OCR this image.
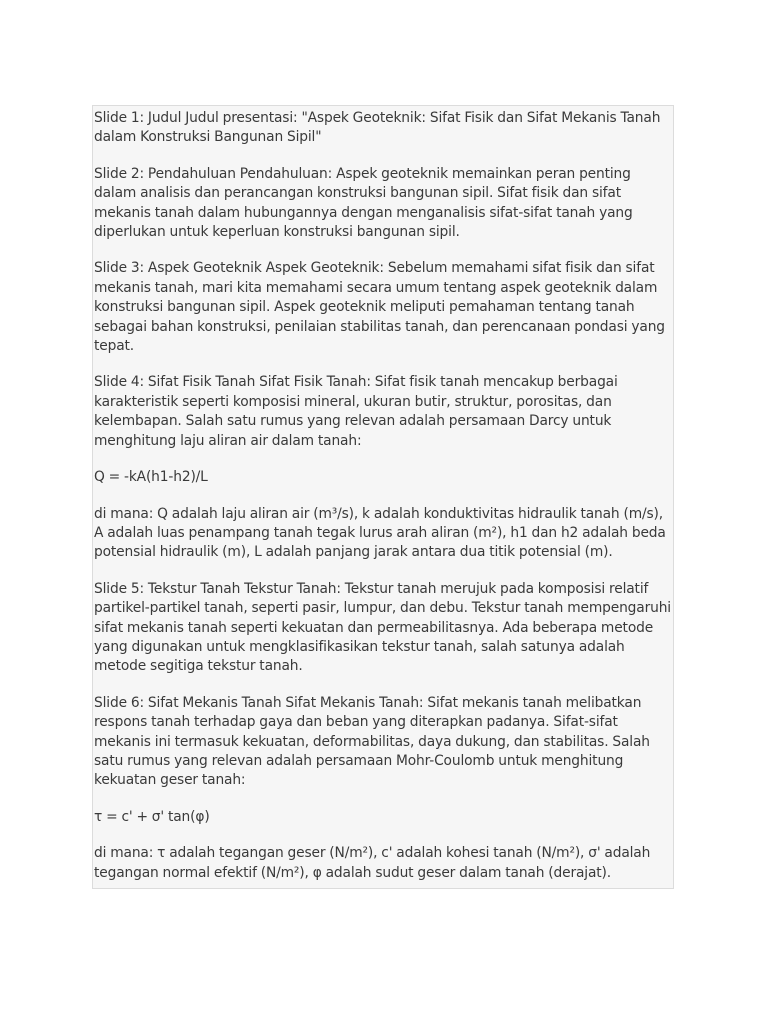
Slide 1: Judul Judul presentasi: "Aspek Geoteknik: Sifat Fisik dan Sifat Mekanis Tanah dalam Konstruksi Bangunan Sipil"

Slide 2: Pendahuluan Pendahuluan: Aspek geoteknik memainkan peran penting dalam analisis dan perancangan konstruksi bangunan sipil. Sifat fisik dan sifat mekanis tanah dalam hubungannya dengan menganalisis sifat-sifat tanah yang diperlukan untuk keperluan konstruksi bangunan sipil.

Slide 3: Aspek Geoteknik Aspek Geoteknik: Sebelum memahami sifat fisik dan sifat mekanis tanah, mari kita memahami secara umum tentang aspek geoteknik dalam konstruksi bangunan sipil. Aspek geoteknik meliputi pemahaman tentang tanah sebagai bahan konstruksi, penilaian stabilitas tanah, dan perencanaan pondasi yang tepat.

Slide 4: Sifat Fisik Tanah Sifat Fisik Tanah: Sifat fisik tanah mencakup berbagai karakteristik seperti komposisi mineral, ukuran butir, struktur, porositas, dan kelembapan. Salah satu rumus yang relevan adalah persamaan Darcy untuk menghitung laju aliran air dalam tanah:

Q = -kA(h1-h2)/L

di mana: Q adalah laju aliran air (m³/s), k adalah konduktivitas hidraulik tanah (m/s), A adalah luas penampang tanah tegak lurus arah aliran (m²), h1 dan h2 adalah beda potensial hidraulik (m), L adalah panjang jarak antara dua titik potensial (m).

Slide 5: Tekstur Tanah Tekstur Tanah: Tekstur tanah merujuk pada komposisi relatif partikel-partikel tanah, seperti pasir, lumpur, dan debu. Tekstur tanah mempengaruhi sifat mekanis tanah seperti kekuatan dan permeabilitasnya. Ada beberapa metode yang digunakan untuk mengklasifikasikan tekstur tanah, salah satunya adalah metode segitiga tekstur tanah.

Slide 6: Sifat Mekanis Tanah Sifat Mekanis Tanah: Sifat mekanis tanah melibatkan respons tanah terhadap gaya dan beban yang diterapkan padanya. Sifat-sifat mekanis ini termasuk kekuatan, deformabilitas, daya dukung, dan stabilitas. Salah satu rumus yang relevan adalah persamaan Mohr-Coulomb untuk menghitung kekuatan geser tanah:

τ = c' + σ' tan(φ)

di mana: τ adalah tegangan geser (N/m²), c' adalah kohesi tanah (N/m²), σ' adalah tegangan normal efektif (N/m²), φ adalah sudut geser dalam tanah (derajat).
